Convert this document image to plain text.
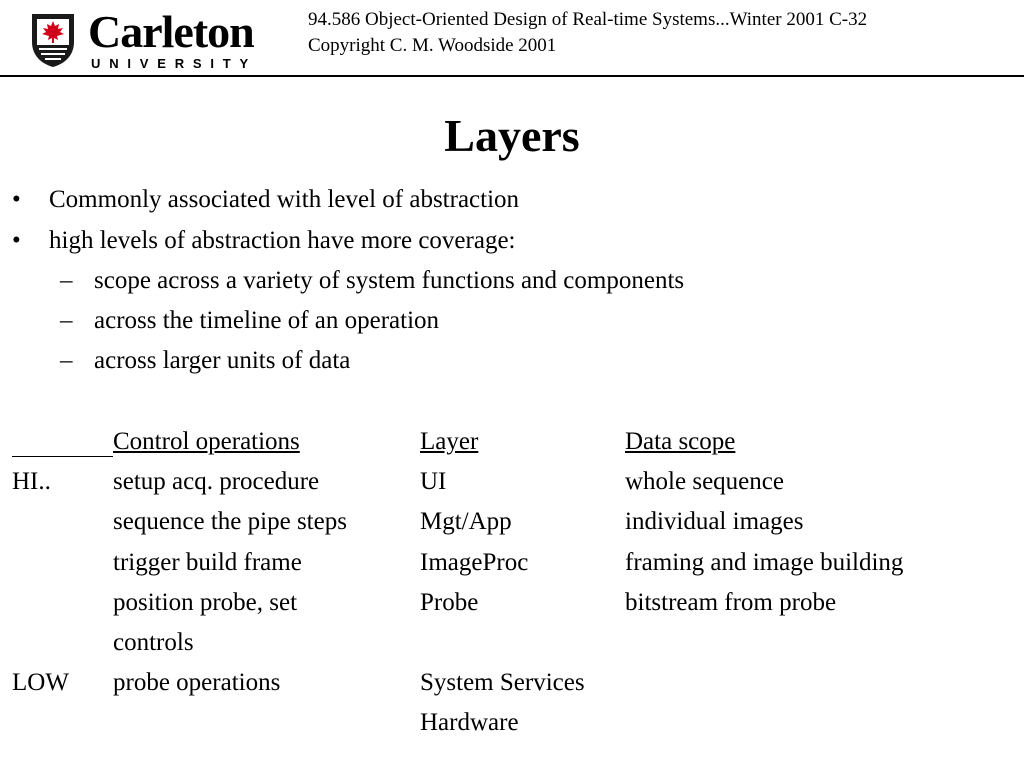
Carleton
UNIVERSITY
94.586 Object-Oriented Design of Real-time Systems...Winter 2001 C-32
Copyright C. M. Woodside 2001
Layers
• Commonly associated with level of abstraction
• high levels of abstraction have more coverage:
– scope across a variety of system functions and components
– across the timeline of an operation
– across larger units of data
Control operations	Layer	Data scope
HI.. setup acq. procedure	UI	whole sequence
sequence the pipe steps	Mgt/App	individual images
trigger build frame	ImageProc	framing and image building
position probe, set	Probe	bitstream from probe
controls
LOW probe operations	System Services
Hardware
